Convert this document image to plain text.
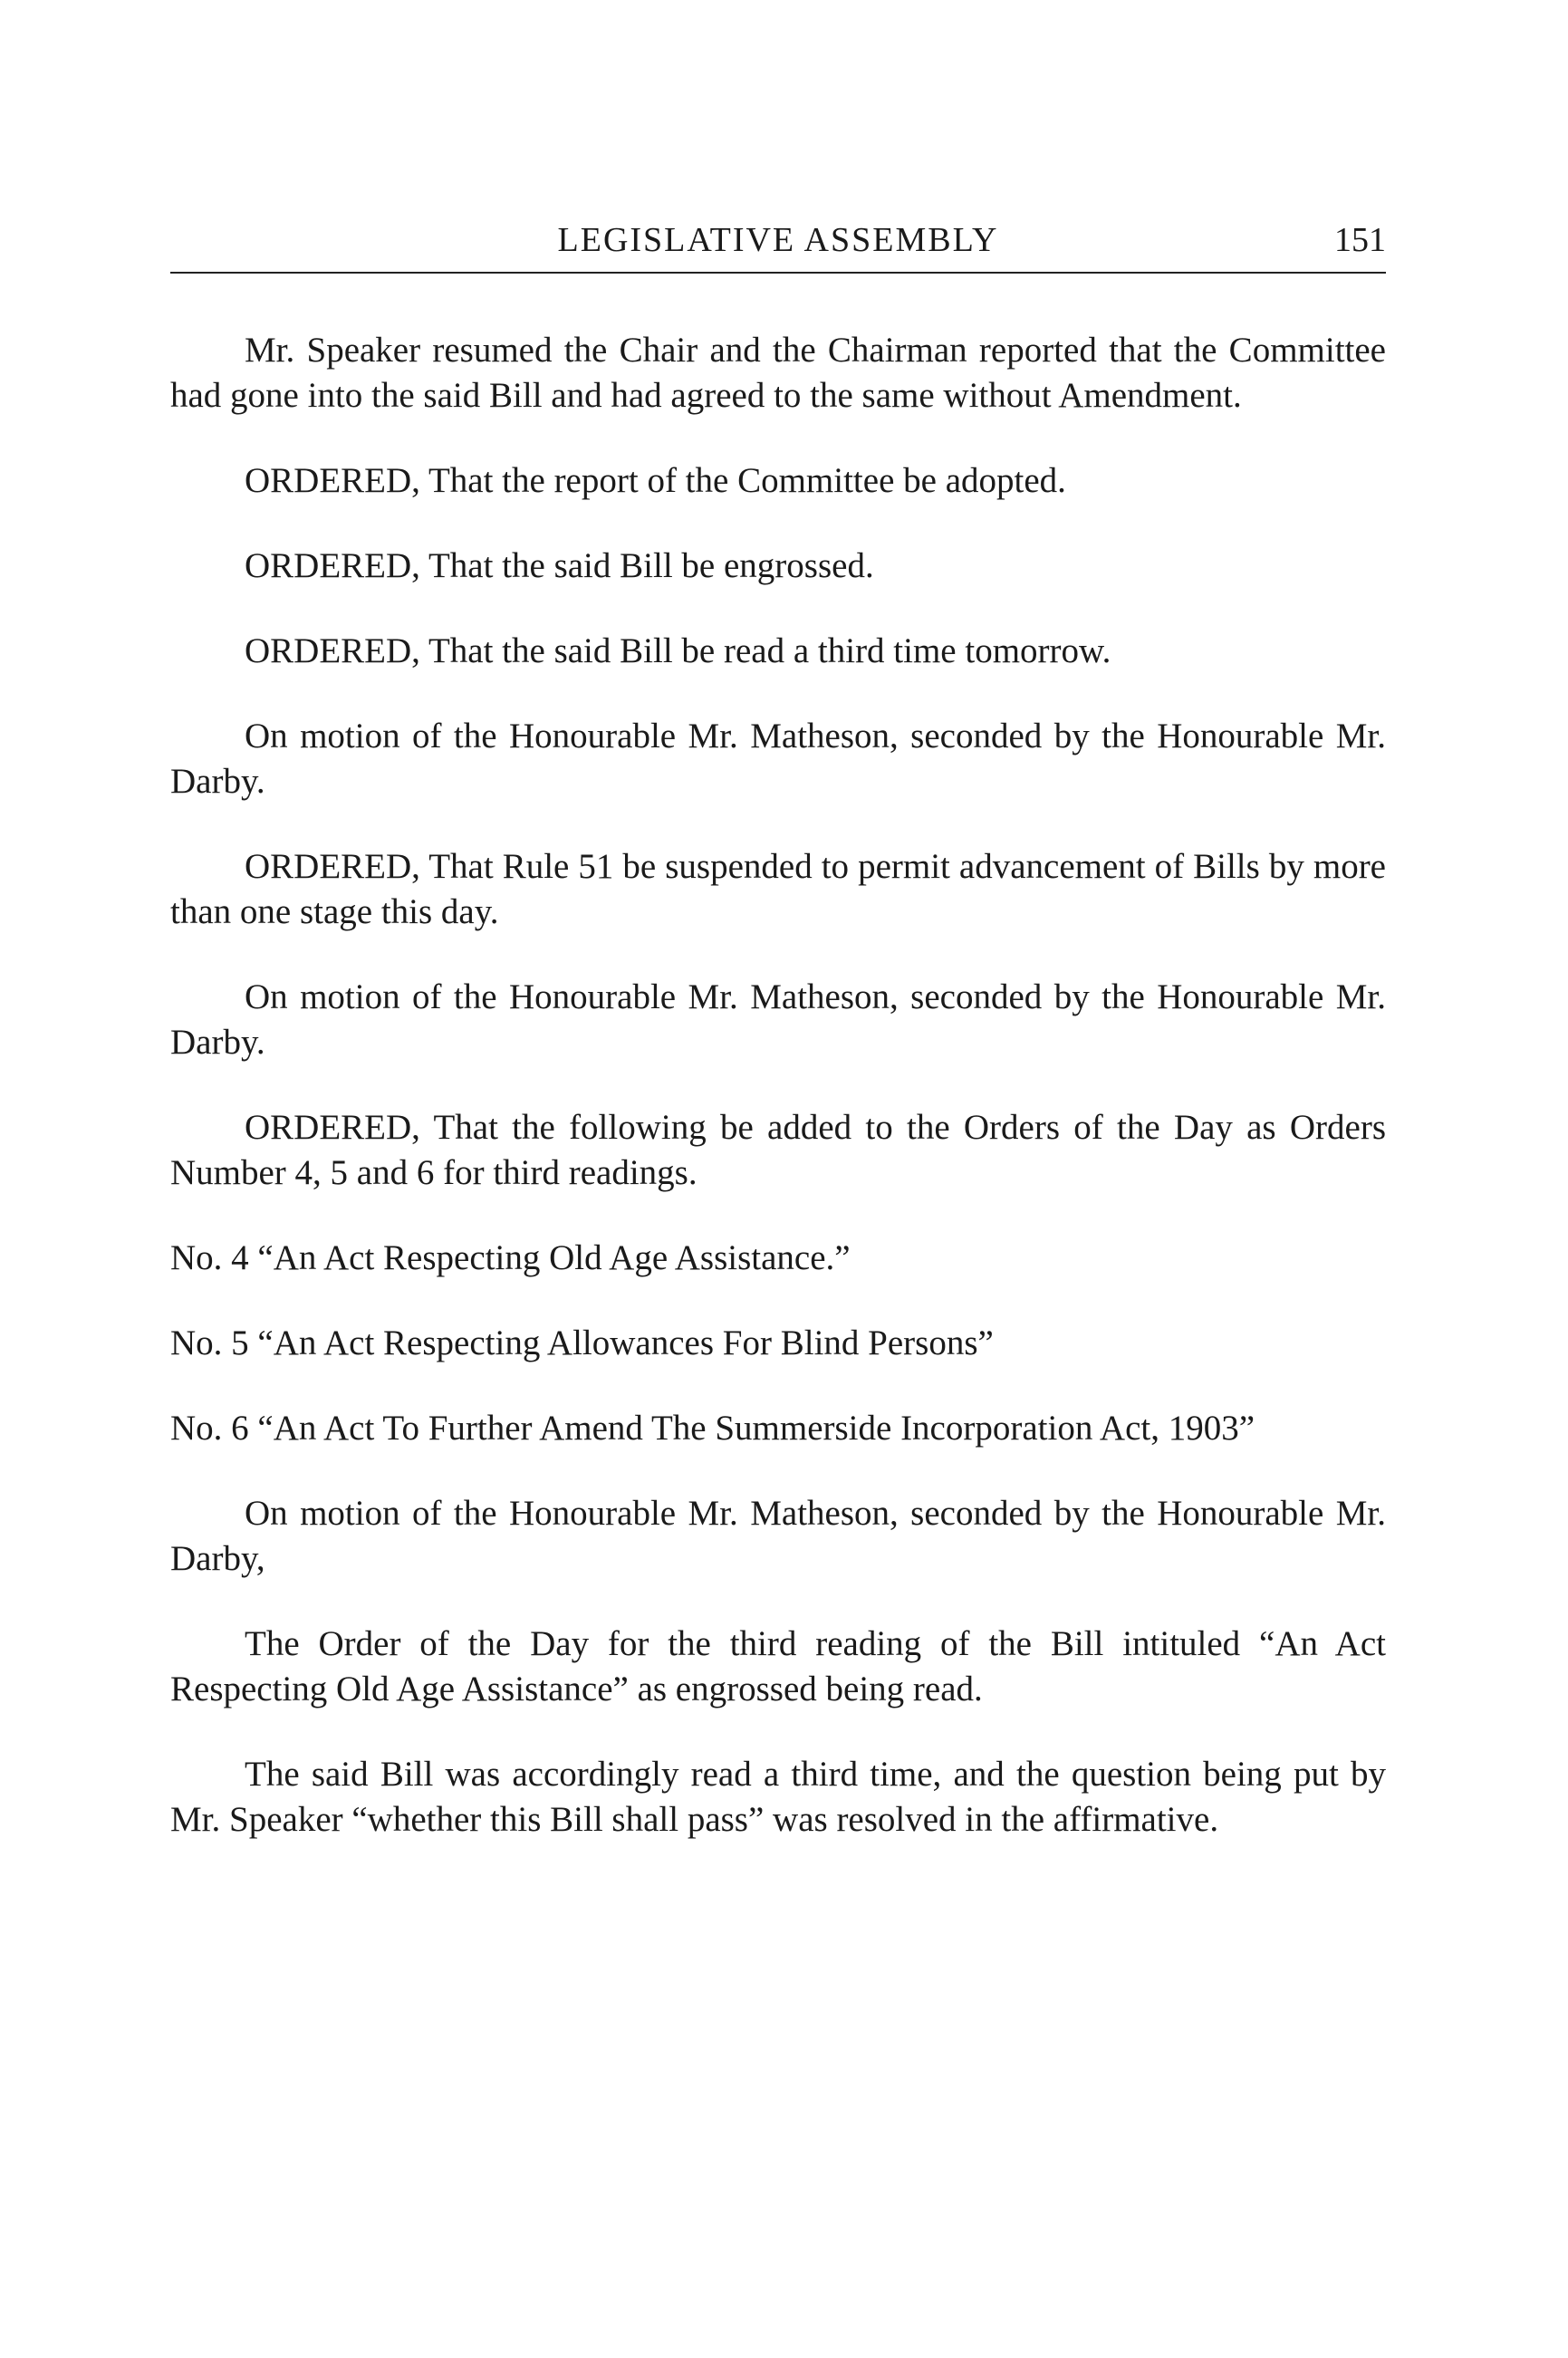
LEGISLATIVE ASSEMBLY	151

Mr. Speaker resumed the Chair and the Chairman reported that the Committee had gone into the said Bill and had agreed to the same without Amendment.

ORDERED, That the report of the Committee be adopted.

ORDERED, That the said Bill be engrossed.

ORDERED, That the said Bill be read a third time tomorrow.

On motion of the Honourable Mr. Matheson, seconded by the Honourable Mr. Darby.

ORDERED, That Rule 51 be suspended to permit advancement of Bills by more than one stage this day.

On motion of the Honourable Mr. Matheson, seconded by the Honourable Mr. Darby.

ORDERED, That the following be added to the Orders of the Day as Orders Number 4, 5 and 6 for third readings.

No. 4 “An Act Respecting Old Age Assistance.”

No. 5 “An Act Respecting Allowances For Blind Persons”

No. 6 “An Act To Further Amend The Summerside Incorporation Act, 1903”

On motion of the Honourable Mr. Matheson, seconded by the Honourable Mr. Darby,

The Order of the Day for the third reading of the Bill intituled “An Act Respecting Old Age Assistance” as engrossed being read.

The said Bill was accordingly read a third time, and the question being put by Mr. Speaker “whether this Bill shall pass” was resolved in the affirmative.
